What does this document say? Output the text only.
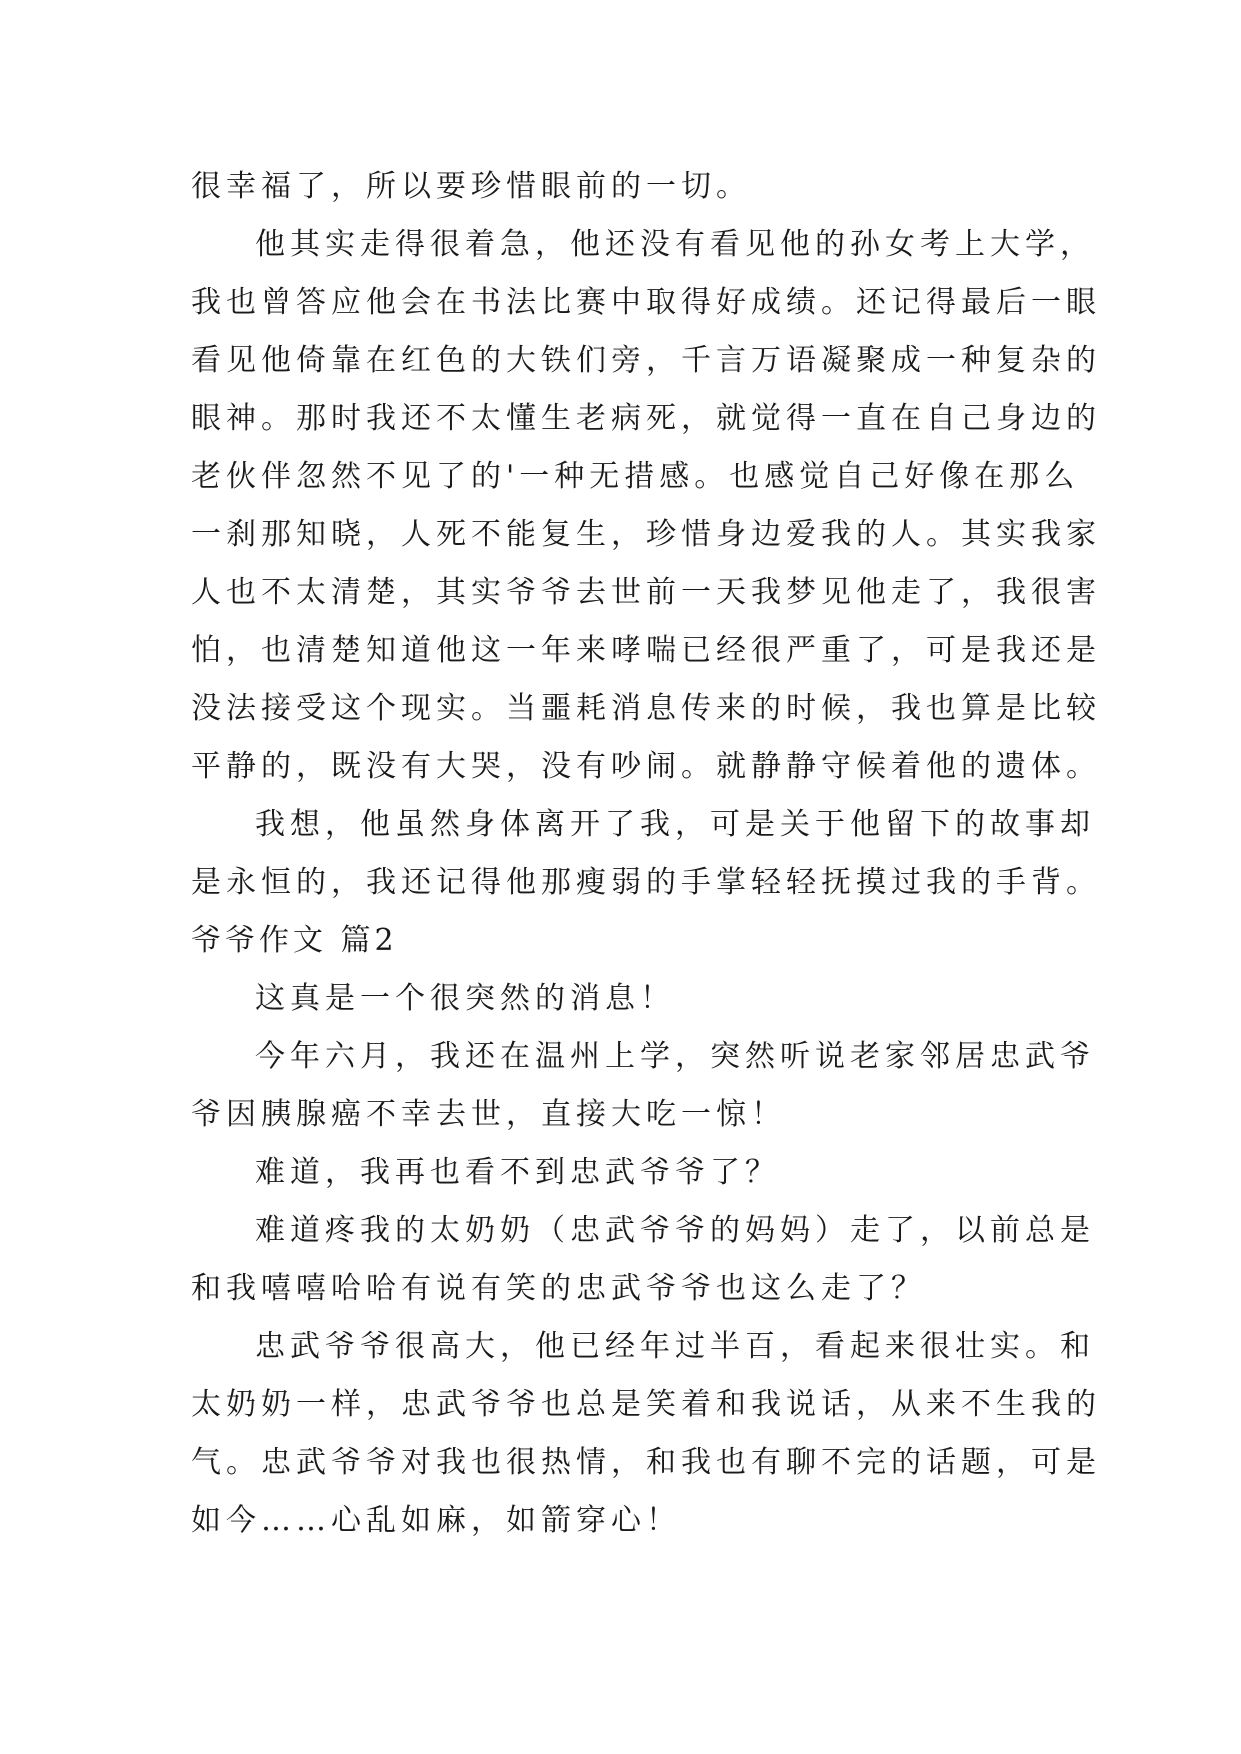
很幸福了，所以要珍惜眼前的一切。
他其实走得很着急，他还没有看见他的孙女考上大学，
我也曾答应他会在书法比赛中取得好成绩。还记得最后一眼
看见他倚靠在红色的大铁们旁，千言万语凝聚成一种复杂的
眼神。那时我还不太懂生老病死，就觉得一直在自己身边的
老伙伴忽然不见了的'一种无措感。也感觉自己好像在那么
一刹那知晓，人死不能复生，珍惜身边爱我的人。其实我家
人也不太清楚，其实爷爷去世前一天我梦见他走了，我很害
怕，也清楚知道他这一年来哮喘已经很严重了，可是我还是
没法接受这个现实。当噩耗消息传来的时候，我也算是比较
平静的，既没有大哭，没有吵闹。就静静守候着他的遗体。
我想，他虽然身体离开了我，可是关于他留下的故事却
是永恒的，我还记得他那瘦弱的手掌轻轻抚摸过我的手背。
爷爷作文 篇2
这真是一个很突然的消息！
今年六月，我还在温州上学，突然听说老家邻居忠武爷
爷因胰腺癌不幸去世，直接大吃一惊！
难道，我再也看不到忠武爷爷了？
难道疼我的太奶奶（忠武爷爷的妈妈）走了，以前总是
和我嘻嘻哈哈有说有笑的忠武爷爷也这么走了？
忠武爷爷很高大，他已经年过半百，看起来很壮实。和
太奶奶一样，忠武爷爷也总是笑着和我说话，从来不生我的
气。忠武爷爷对我也很热情，和我也有聊不完的话题，可是
如今……心乱如麻，如箭穿心！
